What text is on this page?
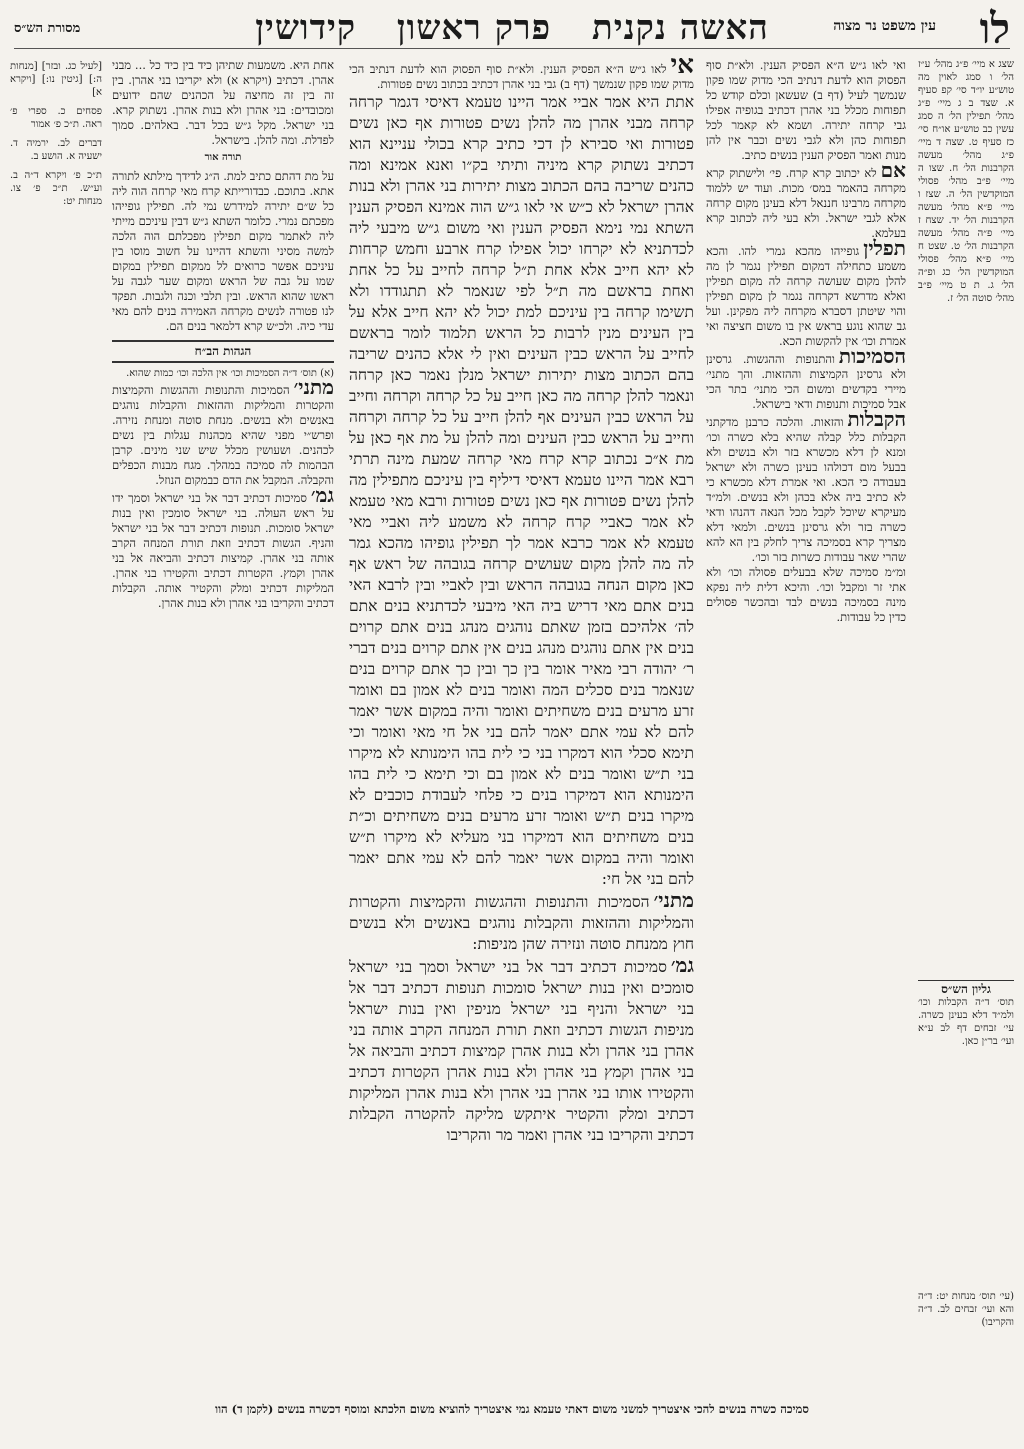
לו
עין משפט נר מצוה
האשה נקנית פרק ראשון קידושין
מסורת הש״ס
שצג א מיי׳ פ״ג מהל׳ ע״ז הל׳ ו סמג לאוין מה טוש״ע יו״ד סי׳ קפ סעיף א. שצד ב ג מיי׳ פ״ג מהל׳ תפילין הל׳ ה סמג עשין כב טוש״ע או״ח סי׳ כז סעיף ט. שצה ד מיי׳ פ״ג מהל׳ מעשה הקרבנות הל׳ ח. שצו ה מיי׳ פ״ב מהל׳ פסולי המוקדשין הל׳ ה. שצז ו מיי׳ פ״א מהל׳ מעשה הקרבנות הל׳ יד. שצח ז מיי׳ פ״ה מהל׳ מעשה הקרבנות הל׳ ט. שצט ח מיי׳ פ״א מהל׳ פסולי המוקדשין הל׳ כג ופ״ה הל׳ ג. ת ט מיי׳ פ״ב מהל׳ סוטה הל׳ ז.
גליון הש״ס
תוס׳ ד״ה הקבלות וכו׳ ולמ״ד דלא בעינן כשרה. עי׳ זבחים דף לב ע״א ועי׳ בר״ן כאן.
(עי׳ תוס׳ מנחות יט: ד״ה והא ועי׳ זבחים לב. ד״ה והקריבו)
ואי לאו ג״ש ה״א הפסיק הענין. ולא״ת סוף הפסוק הוא לדעת דנתיב הכי מדוק שמו פקון שנמשך לעיל (דף ב) שעשאן וכלם קודש כל תפוחות מכלל בני אהרן דכתיב בגופיה אפילו גבי קרחה יתירה. ושמא לא קאמר לכל תפוחות כהן ולא לגבי נשים וכבר אין להן מנות ואמר הפסיק הענין בנשים כתיב.
אםלא יכתוב קרא קרח. פי׳ ולישתוק קרא מקרחה בהאמר במס׳ מכות. ועוד יש ללמוד מקרחה מרבינו חננאל דלא בעינן מקום קרחה אלא לגבי ישראל. ולא בעי ליה לכתוב קרא בעלמא.
תפליןגופייהו מהכא גמרי להו. והכא משמע כתחילה דמקום תפילין נגמר לן מה להלן מקום שעושה קרחה לה מקום תפילין ואלא מדרשא דקרחה נגמר לן מקום תפילין והוי שיטתן דסברא מקרחה ליה מפקינן. ועל גב שהוא נוגע בראש אין בו משום חציצה ואי אמרת וכו׳ אין להקשות הכא.
הסמיכותוהתנופות וההגשות. גרסינן ולא גרסינן הקמיצות וההזאות. והך מתני׳ מיירי בקדשים ומשום הכי מתני׳ בתר הכי אבל סמיכות ותנופות ודאי בישראל.
הקבלותוהזאות. והלכה כרבנן מדקתני הקבלות כלל קבלה שהיא בלא כשרה וכו׳ ומנא לן דלא מכשרא בזר ולא בנשים ולא בבעל מום דכולהו בעינן כשרה ולא ישראל בעבודה כי הכא. ואי אמרת דלא מכשרא כי לא כתיב ביה אלא בכהן ולא בנשים. ולמ״ד מעיקרא שיוכל לקבל מכל הנאה דהנהו ודאי כשרה בזר ולא גרסינן בנשים. ולמאי דלא מצריך קרא בסמיכה צריך לחלק בין הא להא שהרי שאר עבודות כשרות בזר וכו׳.
ומ״מ סמיכה שלא בבעלים פסולה וכו׳ ולא אתי זר ומקבל וכו׳. והיכא דלית ליה נפקא מינה בסמיכה בנשים לבד ובהכשר פסולים כדין כל עבודות.
אילאו ג״ש ה״א הפסיק הענין. ולא״ת סוף הפסוק הוא לדעת דנתיב הכי מדוק שמו פקון שנמשך (דף ב) גבי בני אהרן דכתיב בכתוב נשים פטורות.
אתת היא אמר אביי אמר היינו טעמא דאיסי דגמר קרחה קרחה מבני אהרן מה להלן נשים פטורות אף כאן נשים פטורות ואי סבירא לן דכי כתיב קרא בכולי עניינא הוא דכתיב נשתוק קרא מיניה ותיתי בק״ו ואנא אמינא ומה כהנים שריבה בהם הכתוב מצות יתירות בני אהרן ולא בנות אהרן ישראל לא כ״ש אי לאו ג״ש הוה אמינא הפסיק הענין השתא נמי נימא הפסיק הענין ואי משום ג״ש מיבעי ליה לכדתניא לא יקרחו יכול אפילו קרח ארבע וחמש קרחות לא יהא חייב אלא אחת ת״ל קרחה לחייב על כל אחת ואחת בראשם מה ת״ל לפי שנאמר לא תתגודדו ולא תשימו קרחה בין עיניכם למת יכול לא יהא חייב אלא על בין העינים מנין לרבות כל הראש תלמוד לומר בראשם לחייב על הראש כבין העינים ואין לי אלא כהנים שריבה בהם הכתוב מצות יתירות ישראל מנלן נאמר כאן קרחה ונאמר להלן קרחה מה כאן חייב על כל קרחה וקרחה וחייב על הראש כבין העינים אף להלן חייב על כל קרחה וקרחה וחייב על הראש כבין העינים ומה להלן על מת אף כאן על מת א״כ נכתוב קרא קרח מאי קרחה שמעת מינה תרתי רבא אמר היינו טעמא דאיסי דיליף בין עיניכם מתפילין מה להלן נשים פטורות אף כאן נשים פטורות ורבא מאי טעמא לא אמר כאביי קרח קרחה לא משמע ליה ואביי מאי טעמא לא אמר כרבא אמר לך תפילין גופיהו מהכא גמר לה מה להלן מקום שעושים קרחה בגובהה של ראש אף כאן מקום הנחה בגובהה הראש ובין לאביי ובין לרבא האי בנים אתם מאי דריש ביה האי מיבעי לכדתניא בנים אתם לה׳ אלהיכם בזמן שאתם נוהגים מנהג בנים אתם קרוים בנים אין אתם נוהגים מנהג בנים אין אתם קרוים בנים דברי ר׳ יהודה רבי מאיר אומר בין כך ובין כך אתם קרוים בנים שנאמר בנים סכלים המה ואומר בנים לא אמון בם ואומר זרע מרעים בנים משחיתים ואומר והיה במקום אשר יאמר להם לא עמי אתם יאמר להם בני אל חי מאי ואומר וכי תימא סכלי הוא דמקרו בני כי לית בהו הימנותא לא מיקרו בני ת״ש ואומר בנים לא אמון בם וכי תימא כי לית בהו הימנותא הוא דמיקרו בנים כי פלחי לעבודת כוכבים לא מיקרו בנים ת״ש ואומר זרע מרעים בנים משחיתים וכ״ת בנים משחיתים הוא דמיקרו בני מעליא לא מיקרו ת״ש ואומר והיה במקום אשר יאמר להם לא עמי אתם יאמר להם בני אל חי:
מתני׳הסמיכות והתנופות וההגשות והקמיצות והקטרות והמליקות וההזאות והקבלות נוהגים באנשים ולא בנשים חוץ ממנחת סוטה ונזירה שהן מניפות:
גמ׳סמיכות דכתיב דבר אל בני ישראל וסמך בני ישראל סומכים ואין בנות ישראל סומכות תנופות דכתיב דבר אל בני ישראל והניף בני ישראל מניפין ואין בנות ישראל מניפות הגשות דכתיב וזאת תורת המנחה הקרב אותה בני אהרן בני אהרן ולא בנות אהרן קמיצות דכתיב והביאה אל בני אהרן וקמץ בני אהרן ולא בנות אהרן הקטרות דכתיב והקטירו אותו בני אהרן בני אהרן ולא בנות אהרן המליקות דכתיב ומלק והקטיר איתקש מליקה להקטרה הקבלות דכתיב והקריבו בני אהרן ואמר מר והקריבו
אחת היא. משמעות שתיהן כיד בין כיד כל ... מבני אהרן. דכתיב (ויקרא א) ולא יקריבו בני אהרן. בין זה בין זה מחיצה על הכהנים שהם ידועים ומכובדים: בני אהרן ולא בנות אהרן. נשתוק קרא. בני ישראל. מקל ג״ש בכל דבר. באלהים. סמוך לפדלת. ומה להלן. בישראל.
תורה אור
על מת דהתם כתיב למת. ה״ג לדידך מילתא לתורה אתא. בתוכם. כבדורייתא קרח מאי קרחה הוה ליה כל ש״ם יתירה למידרש נמי לה. תפילין גופייהו מפכתם נמרי. כלומר השתא ג״ש דבין עיניכם מייתי ליה לאתמר מקום תפילין מפכלתם הוה הלכה למשה מסיני והשתא דהיינו על חשוב מוסו בין עיניכם אפשר כרואים לל ממקום תפילין במקום שמו על גבה של הראש ומקום שער לגבה על ראשו שהוא הראש. ובין תלבי וכנה ולגבות. תפקד לנו פטורה לנשים מקרחה האמירה בנים להם מאי עדי כיה. ולכ״ש קרא דלמאר בנים הם.
הגהות הב״ח
(א) תוס׳ ד״ה הסמיכות וכו׳ אין הלכה וכו׳ כמות שהוא.
מתני׳הסמיכות והתנופות וההגשות והקמיצות והקטרות והמליקות וההזאות והקבלות נוהגים באנשים ולא בנשים. מנחת סוטה ומנחת נזירה. ופרש״י מפני שהיא מכהנות עגלות בין נשים לכהנים. ושעושין מכלל שיש שני מינים. קרבן הבהמות לה סמיכה במהלך. מגח מבנות הכפלים והקבלה. המקבל את הדם כבמקום הנוזל.
גמ׳סמיכות דכתיב דבר אל בני ישראל וסמך ידו על ראש העולה. בני ישראל סומכין ואין בנות ישראל סומכות. תנופות דכתיב דבר אל בני ישראל והניף. הגשות דכתיב וזאת תורת המנחה הקרב אותה בני אהרן. קמיצות דכתיב והביאה אל בני אהרן וקמץ. הקטרות דכתיב והקטירו בני אהרן. המליקות דכתיב ומלק והקטיר אותה. הקבלות דכתיב והקריבו בני אהרן ולא בנות אהרן.
[לעיל כג. ובזר] [מנחות ה:] [גיטין נו:] [ויקרא א]
פסחים כ. ספרי פ׳ ראה. ת״כ פ׳ אמור
דברים לב. ירמיה ד. ישעיה א. הושע ב.
ת״כ פ׳ ויקרא ד״ה ב. וע״ש. ת״כ פ׳ צו. מנחות יט:
סמיכה כשרה בנשים להכי איצטריך למשני משום דאתי טעמא גמי איצטריך להוציא משום הלכתא ומוסף דכשרה בנשים (לקמן ד) הוו
